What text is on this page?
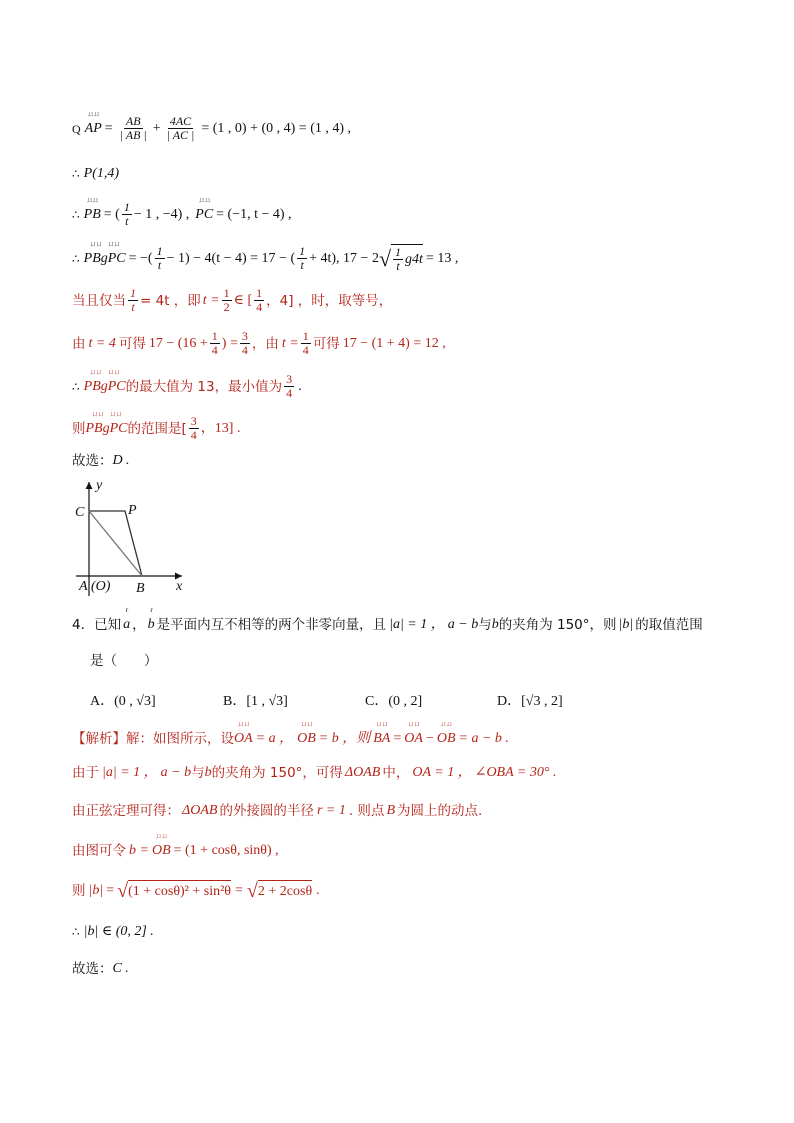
Q
ㄩㄩ
AP = $\frac{AB}{| AB |} + \frac{4AC}{| AC |} = (1$ , 0) + (0 , 4) = (1 , 4) ,
∴ P(1,4)
∴
ㄩㄩ
PB = ( $\frac{1}{t} - 1$ , −4) ,
ㄩㄩ
PC = (−1, t − 4) ,
∴
ㄩㄩ　ㄩㄩ
PBgPC = −( $\frac{1}{t} - 1) - 4(t - 4) = 17$ − ( $\frac{1}{t} + 4t$), 17 − 2 √ $\frac{1}{t} g4t = 13$ ,
当且仅当 $\frac{1}{t} = 4t$ ，即 $t = \frac{1}{2}$ ∈ [ $\frac{1}{4}$ ，4] ，时，取等号，
由 t = 4 可得 $17 - (16 + \frac{1}{4}$ ) = $\frac{3}{4}$ ，由 $t = \frac{1}{4}$ 可得 17 − (1 + 4) = 12 ,
∴
ㄩㄩ　ㄩㄩ
PBgPC 的最大值为 13，最小值为 $\frac{3}{4}$ .
则
ㄩㄩ　ㄩㄩ
PBgPC 的范围是[ $\frac{3}{4}$ ，13] .
故选： D .
y
x
C	P
A (O) B
4． 已知
r
a ，
r
b 是平面内互不相等的两个非零向量，且 |a| = 1 ， a − b 与 b 的夹角为 150°，则 |b| 的取值范围
是（　　）
A．(0 , √3]	B．[1 , √3]	C．(0 , 2]	D．[√3 , 2]
【解析】 解：如图所示，设
ㄩㄩ
OA = a ，
ㄩㄩ
OB = b ，则
ㄩㄩ
BA =
ㄩㄩ
OA −
ㄩㄩ
OB = a − b .
由于 |a| = 1 ， a − b 与 b 的夹角为 150°，可得 ΔOAB 中， OA = 1 ， ∠OBA = 30° .
由正弦定理可得： ΔOAB 的外接圆的半径 r = 1 . 则点 B 为圆上的动点.
由图可令 b =
ㄩㄩ
OB = (1 + cosθ, sinθ) ,
则 |b| = √ (1 + cosθ)² + sin²θ = √ 2 + 2cosθ .
∴ |b| ∈ (0, 2] .
故选： C .
